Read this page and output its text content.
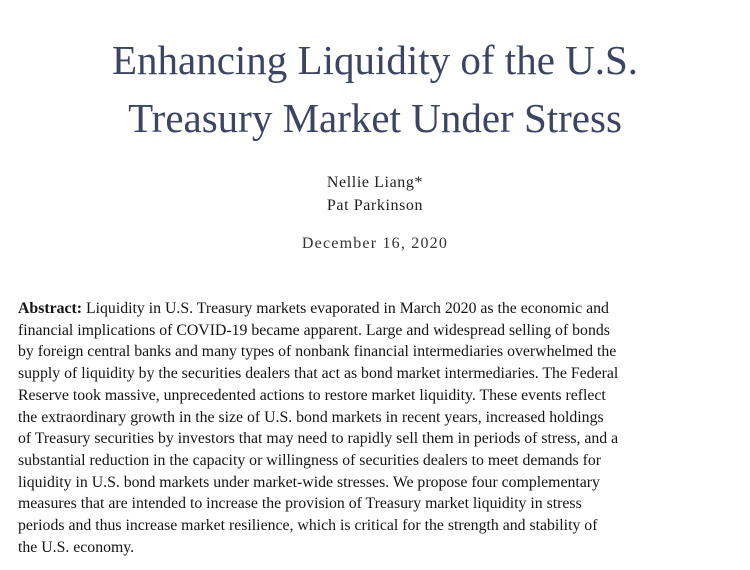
Enhancing Liquidity of the U.S.
Treasury Market Under Stress
Nellie Liang*
Pat Parkinson
December 16, 2020
Abstract: Liquidity in U.S. Treasury markets evaporated in March 2020 as the economic and
financial implications of COVID-19 became apparent. Large and widespread selling of bonds
by foreign central banks and many types of nonbank financial intermediaries overwhelmed the
supply of liquidity by the securities dealers that act as bond market intermediaries. The Federal
Reserve took massive, unprecedented actions to restore market liquidity. These events reflect
the extraordinary growth in the size of U.S. bond markets in recent years, increased holdings
of Treasury securities by investors that may need to rapidly sell them in periods of stress, and a
substantial reduction in the capacity or willingness of securities dealers to meet demands for
liquidity in U.S. bond markets under market-wide stresses. We propose four complementary
measures that are intended to increase the provision of Treasury market liquidity in stress
periods and thus increase market resilience, which is critical for the strength and stability of
the U.S. economy.
